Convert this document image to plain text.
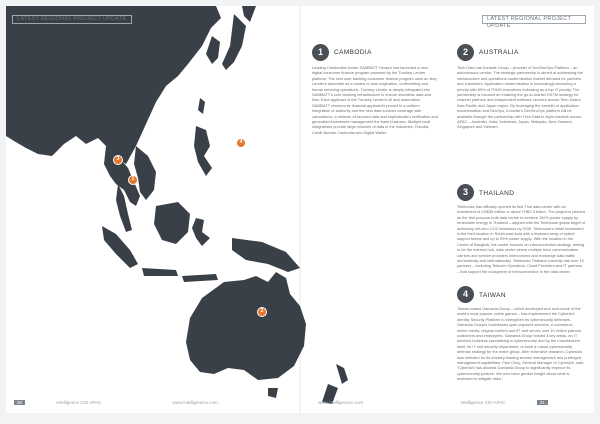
LATEST REGIONAL PROJECT UPDATE	LATEST REGIONAL PROJECT UPDATE
1
2
3
4
1	CAMBODIA
Leading Cambodian lender SAMBATT Heray's has launched a new digital consumer finance program powered by the Turnkey Lender platform. The new user banking consumer finance program uses an Ikey Lender's automate as a means to loan origination, underwriting and formal servicing operations. Turnkey Lender is deeply integrated into SAMBATT's core banking infrastructure to ensure seamless data and flow. Each applicant is the Turnkey Lender's AI and automation. SAMBATT receives its financial applicant's proved in a uniform integration of authority and the new data sources coverage with calculations, a network of secured data and sophisticated verification and generated investment management the bank business. Multiple local integrations provide large volumes of data in the industries, Telcuba, Credit Bureau Cambodia and Digital Wallet.
2	AUSTRALIA
Tech Data has Ironside Group – provider of DevSecOps Platform – an autonomous vendor. The strategic partnership is aimed at addressing the infrastructure and operations modernisation market demand for partners and customers. Application modernisation is increasingly becoming a priority with 89% of IT/MG executives indicating as a top IT priority. The partnership is focused on enabling the go-to-market DSTM strategy for channel partners and independent software vendors across Tech Data's Asia Pacific and Japan region. By leveraging the breadth of application modernisation and DevOps, Ironside's DevSecOps platform will be available through the partnership with Tech Data in eight markets across APAC – Australia, India, Indonesia, Japan, Malaysia, New Zealand, Singapore and Vietnam.
3	THAILAND
Telehouse has officially opened its first Thai data center with an investment of US$38 million or about THB2.5 billion. The project is pitched as the first purpose-built data centre to achieve 100% power supply by renewable energy in Thailand – aligned with the Telehouse global target of achieving net-zero CO2 emissions by 2030. Telehouse's initial investment is the third location in South-east Asia with a featured array of hybrid support teams and up to 99% power supply. With the location in the Centre of Bangkok, the center focuses on interconnection strategy, aiming to be the Internet hub, data centre where multiple telco communication carriers and service providers interconnect and exchange data traffic domestically and internationally. Telehouse Thailand currently has over 10 partners – including Telecom Operators, Cloud Providers and IT partners – that support the ecosystem of interconnection in the data center.
4	TAIWAN
Taiwan-based Gamania Group – which developed and runs some of the world's most popular online games – has implemented the CyberArk Identity Security Platform to strengthen its cybersecurity defenses. Gamania Group's businesses span payment services, e-commerce, online media, original content and IP, and serves over 10 million patrons, customers and employees. Gamania Group hosted 3 key areas, an IT services business specialising in cybersecurity and by the manufacturer itself, its IT and security department, to build a robust cybersecurity defense strategy for the entire group. After extensive research, CyberArk was selected for its industry-leading access management and privileged management capabilities. Paul Chuy, General Manager of CyberArk, said, "CyberArk has allowed Gamania Group to significantly improve its cybersecurity posture. We now have greater insight about what is reviewed to mitigate risks."
30	Intelligence CIO APAC	www.intelligentcio.com	www.intelligentcio.com	Intelligence CIO APAC	31
